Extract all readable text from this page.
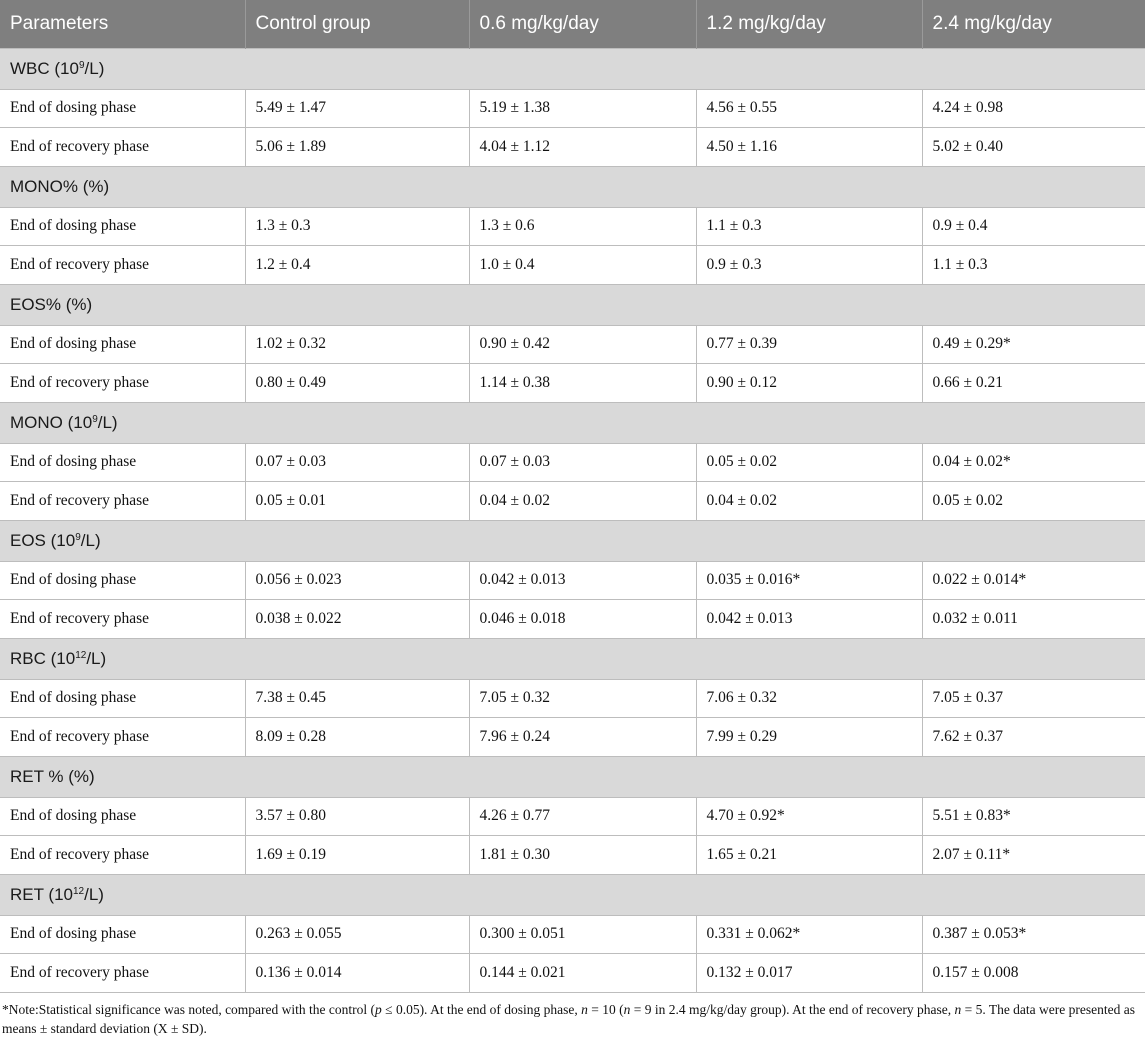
Parameters	Control group	0.6 mg/kg/day	1.2 mg/kg/day	2.4 mg/kg/day
WBC $(10^9/L)$				
End of dosing phase	5.49 ± 1.47	5.19 ± 1.38	4.56 ± 0.55	4.24 ± 0.98
End of recovery phase	5.06 ± 1.89	4.04 ± 1.12	4.50 ± 1.16	5.02 ± 0.40
MONO% (%)				
End of dosing phase	1.3 ± 0.3	1.3 ± 0.6	1.1 ± 0.3	0.9 ± 0.4
End of recovery phase	1.2 ± 0.4	1.0 ± 0.4	0.9 ± 0.3	1.1 ± 0.3
EOS% (%)				
End of dosing phase	1.02 ± 0.32	0.90 ± 0.42	0.77 ± 0.39	0.49 ± 0.29*
End of recovery phase	0.80 ± 0.49	1.14 ± 0.38	0.90 ± 0.12	0.66 ± 0.21
MONO $(10^9/L)$				
End of dosing phase	0.07 ± 0.03	0.07 ± 0.03	0.05 ± 0.02	0.04 ± 0.02*
End of recovery phase	0.05 ± 0.01	0.04 ± 0.02	0.04 ± 0.02	0.05 ± 0.02
EOS $(10^9/L)$				
End of dosing phase	0.056 ± 0.023	0.042 ± 0.013	0.035 ± 0.016*	0.022 ± 0.014*
End of recovery phase	0.038 ± 0.022	0.046 ± 0.018	0.042 ± 0.013	0.032 ± 0.011
RBC $(10^{12}/L)$				
End of dosing phase	7.38 ± 0.45	7.05 ± 0.32	7.06 ± 0.32	7.05 ± 0.37
End of recovery phase	8.09 ± 0.28	7.96 ± 0.24	7.99 ± 0.29	7.62 ± 0.37
RET % (%)				
End of dosing phase	3.57 ± 0.80	4.26 ± 0.77	4.70 ± 0.92*	5.51 ± 0.83*
End of recovery phase	1.69 ± 0.19	1.81 ± 0.30	1.65 ± 0.21	2.07 ± 0.11*
RET $(10^{12}/L)$				
End of dosing phase	0.263 ± 0.055	0.300 ± 0.051	0.331 ± 0.062*	0.387 ± 0.053*
End of recovery phase	0.136 ± 0.014	0.144 ± 0.021	0.132 ± 0.017	0.157 ± 0.008
*Note:Statistical significance was noted, compared with the control (p ≤ 0.05). At the end of dosing phase, n = 10 (n = 9 in 2.4 mg/kg/day group). At the end of recovery phase, n = 5. The data were presented as means ± standard deviation (X ± SD).
